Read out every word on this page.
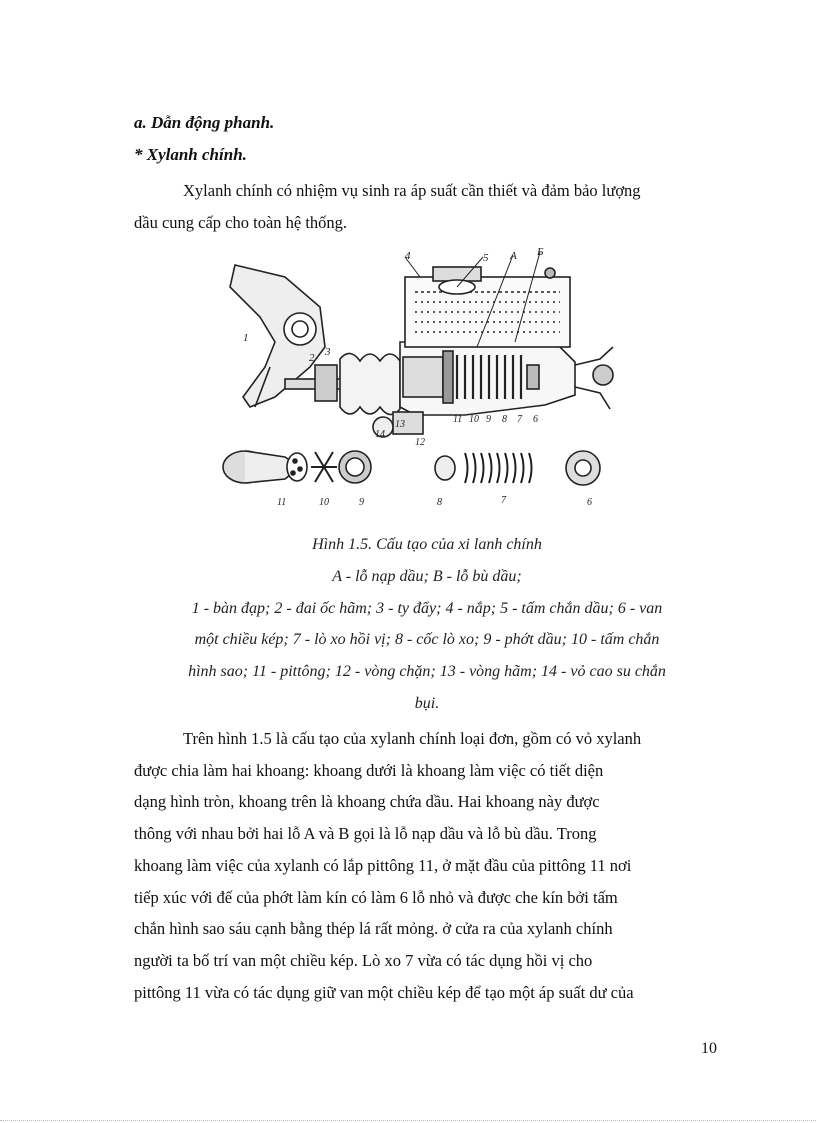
a. Dẫn động phanh.
* Xylanh chính.
Xylanh chính có nhiệm vụ sinh ra áp suất cần thiết và đảm bảo lượng
dầu cung cấp cho toàn hệ thống.
1
2 3
4	5 A Б
6
7
8
9
10
11
12
13
14
11	10	9	8	7	6
Hình 1.5. Cấu tạo của xi lanh chính
A - lỗ nạp dầu; B - lỗ bù dầu;
1 - bàn đạp; 2 - đai ốc hãm; 3 - ty đẩy; 4 - nắp; 5 - tấm chắn dầu; 6 - van
một chiều kép; 7 - lò xo hồi vị; 8 - cốc lò xo; 9 - phớt dầu; 10 - tấm chắn
hình sao; 11 - pittông; 12 - vòng chặn; 13 - vòng hãm; 14 - vỏ cao su chắn
bụi.
Trên hình 1.5 là cấu tạo của xylanh chính loại đơn, gồm có vỏ xylanh
được chia làm hai khoang: khoang dưới là khoang làm việc có tiết diện
dạng hình tròn, khoang trên là khoang chứa dầu. Hai khoang này được
thông với nhau bởi hai lỗ A và B gọi là lỗ nạp dầu và lỗ bù dầu. Trong
khoang làm việc của xylanh có lắp pittông 11, ở mặt đầu của pittông 11 nơi
tiếp xúc với đế của phớt làm kín có làm 6 lỗ nhỏ và được che kín bởi tấm
chắn hình sao sáu cạnh bằng thép lá rất mỏng. ở cửa ra của xylanh chính
người ta bố trí van một chiều kép. Lò xo 7 vừa có tác dụng hồi vị cho
pittông 11 vừa có tác dụng giữ van một chiều kép để tạo một áp suất dư của
10
